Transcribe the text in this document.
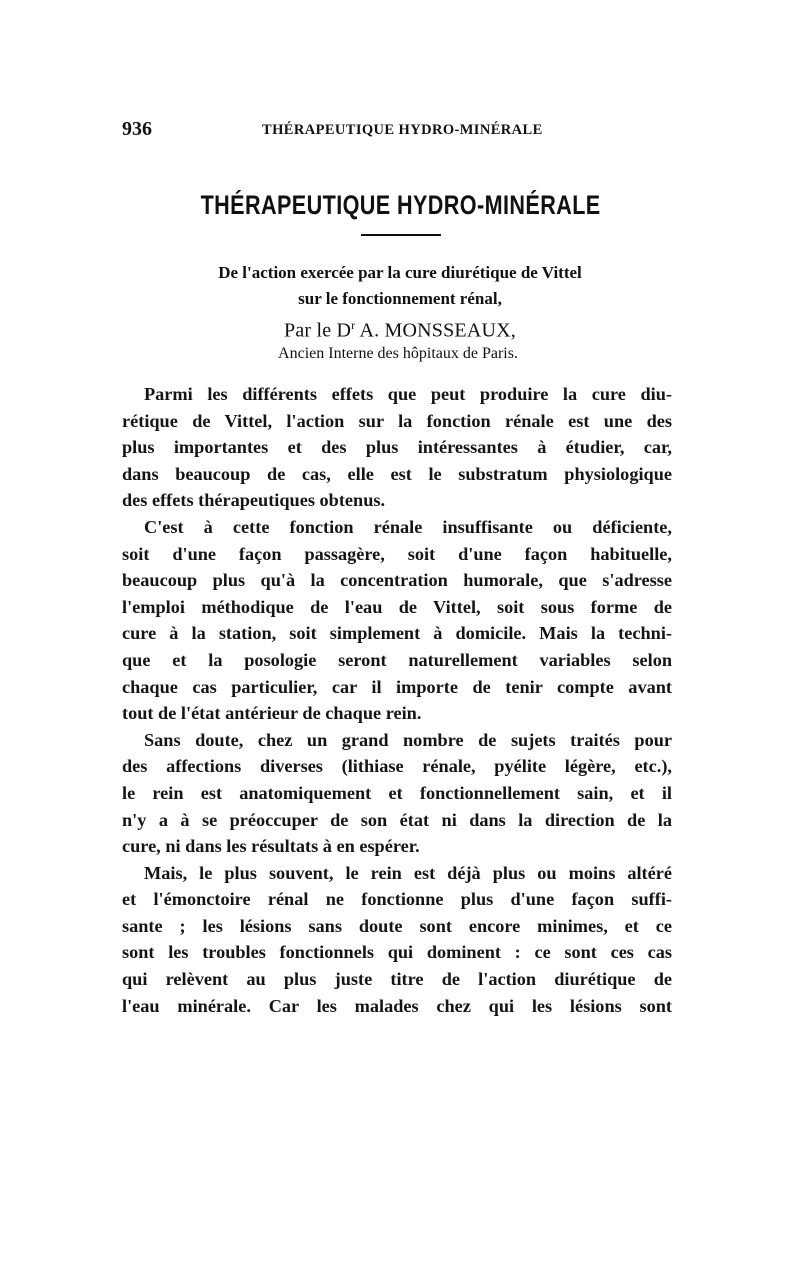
936	THÉRAPEUTIQUE HYDRO-MINÉRALE
THÉRAPEUTIQUE HYDRO-MINÉRALE
De l'action exercée par la cure diurétique de Vittel
sur le fonctionnement rénal,
Par le $D^r$ A. MONSSEAUX,
Ancien Interne des hôpitaux de Paris.
Parmi les différents effets que peut produire la cure diu-
rétique de Vittel, l'action sur la fonction rénale est une des
plus importantes et des plus intéressantes à étudier, car,
dans beaucoup de cas, elle est le substratum physiologique
des effets thérapeutiques obtenus.
C'est à cette fonction rénale insuffisante ou déficiente,
soit d'une façon passagère, soit d'une façon habituelle,
beaucoup plus qu'à la concentration humorale, que s'adresse
l'emploi méthodique de l'eau de Vittel, soit sous forme de
cure à la station, soit simplement à domicile. Mais la techni-
que et la posologie seront naturellement variables selon
chaque cas particulier, car il importe de tenir compte avant
tout de l'état antérieur de chaque rein.
Sans doute, chez un grand nombre de sujets traités pour
des affections diverses (lithiase rénale, pyélite légère, etc.),
le rein est anatomiquement et fonctionnellement sain, et il
n'y a à se préoccuper de son état ni dans la direction de la
cure, ni dans les résultats à en espérer.
Mais, le plus souvent, le rein est déjà plus ou moins altéré
et l'émonctoire rénal ne fonctionne plus d'une façon suffi-
sante ; les lésions sans doute sont encore minimes, et ce
sont les troubles fonctionnels qui dominent : ce sont ces cas
qui relèvent au plus juste titre de l'action diurétique de
l'eau minérale. Car les malades chez qui les lésions sont
